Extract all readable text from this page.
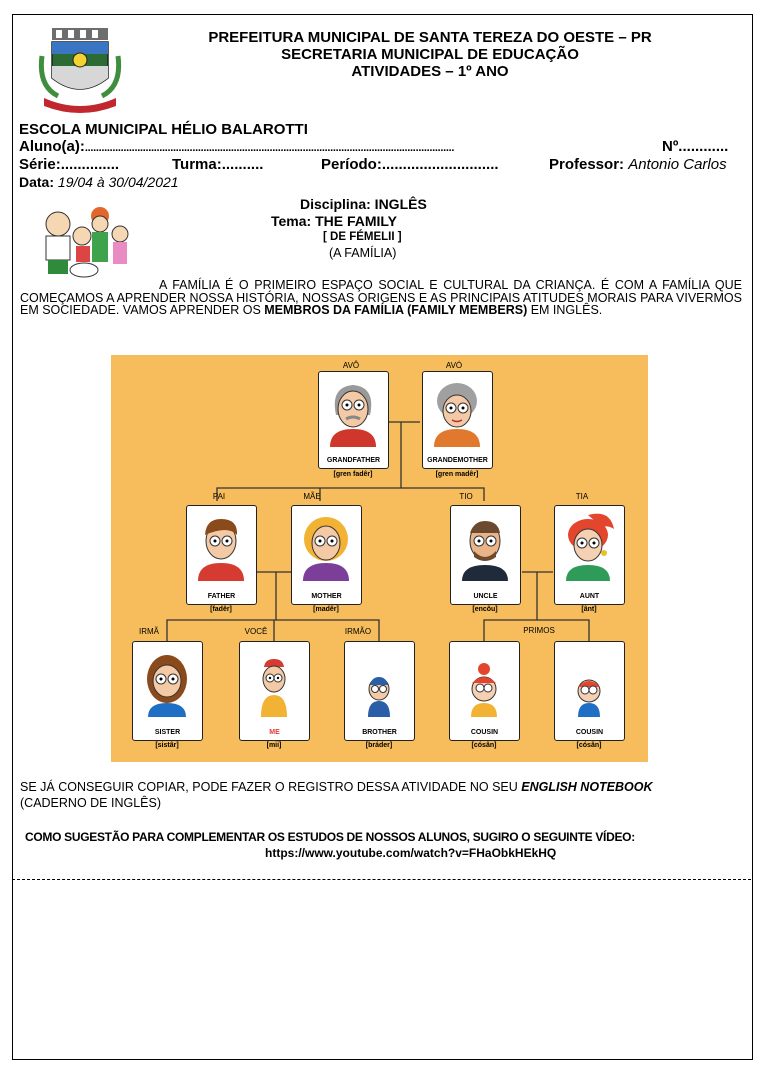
PREFEITURA MUNICIPAL DE SANTA TEREZA DO OESTE – PR
SECRETARIA MUNICIPAL DE EDUCAÇÃO
ATIVIDADES – 1º ANO
ESCOLA MUNICIPAL HÉLIO BALAROTTI
Aluno(a):......................................................................................................................................	Nº............
Série:..............	Turma:..........	Período:............................	Professor: Antonio Carlos
Data: 19/04 à 30/04/2021
Disciplina: INGLÊS
Tema: THE FAMILY
[ DE FÉMELII ]
(A FAMÍLIA)
A FAMÍLIA É O PRIMEIRO ESPAÇO SOCIAL E CULTURAL DA CRIANÇA. É COM A FAMÍLIA QUE COMEÇAMOS A APRENDER NOSSA HISTÓRIA, NOSSAS ORIGENS E AS PRINCIPAIS ATITUDES MORAIS PARA VIVERMOS EM SOCIEDADE. VAMOS APRENDER OS MEMBROS DA FAMÍLIA (FAMILY MEMBERS) EM INGLÊS.
AVÔ
GRANDFATHER
[gren fadêr]
AVÓ
GRANDEMOTHER
[gren madêr]
PAI
FATHER
[fadêr]
MÃE
MOTHER
[madêr]
TIO
UNCLE
[encôu]
TIA
AUNT
[ânt]
IRMÃ
SISTER
[sistâr]
VOCÊ
ME
[mii]
IRMÃO
BROTHER
[bráder]
PRIMOS
COUSIN
[cósân]
COUSIN
[cósân]
SE JÁ CONSEGUIR COPIAR, PODE FAZER O REGISTRO DESSA ATIVIDADE NO SEU ENGLISH NOTEBOOK
(CADERNO DE INGLÊS)
COMO SUGESTÃO PARA COMPLEMENTAR OS ESTUDOS DE NOSSOS ALUNOS, SUGIRO O SEGUINTE VÍDEO:
https://www.youtube.com/watch?v=FHaObkHEkHQ
